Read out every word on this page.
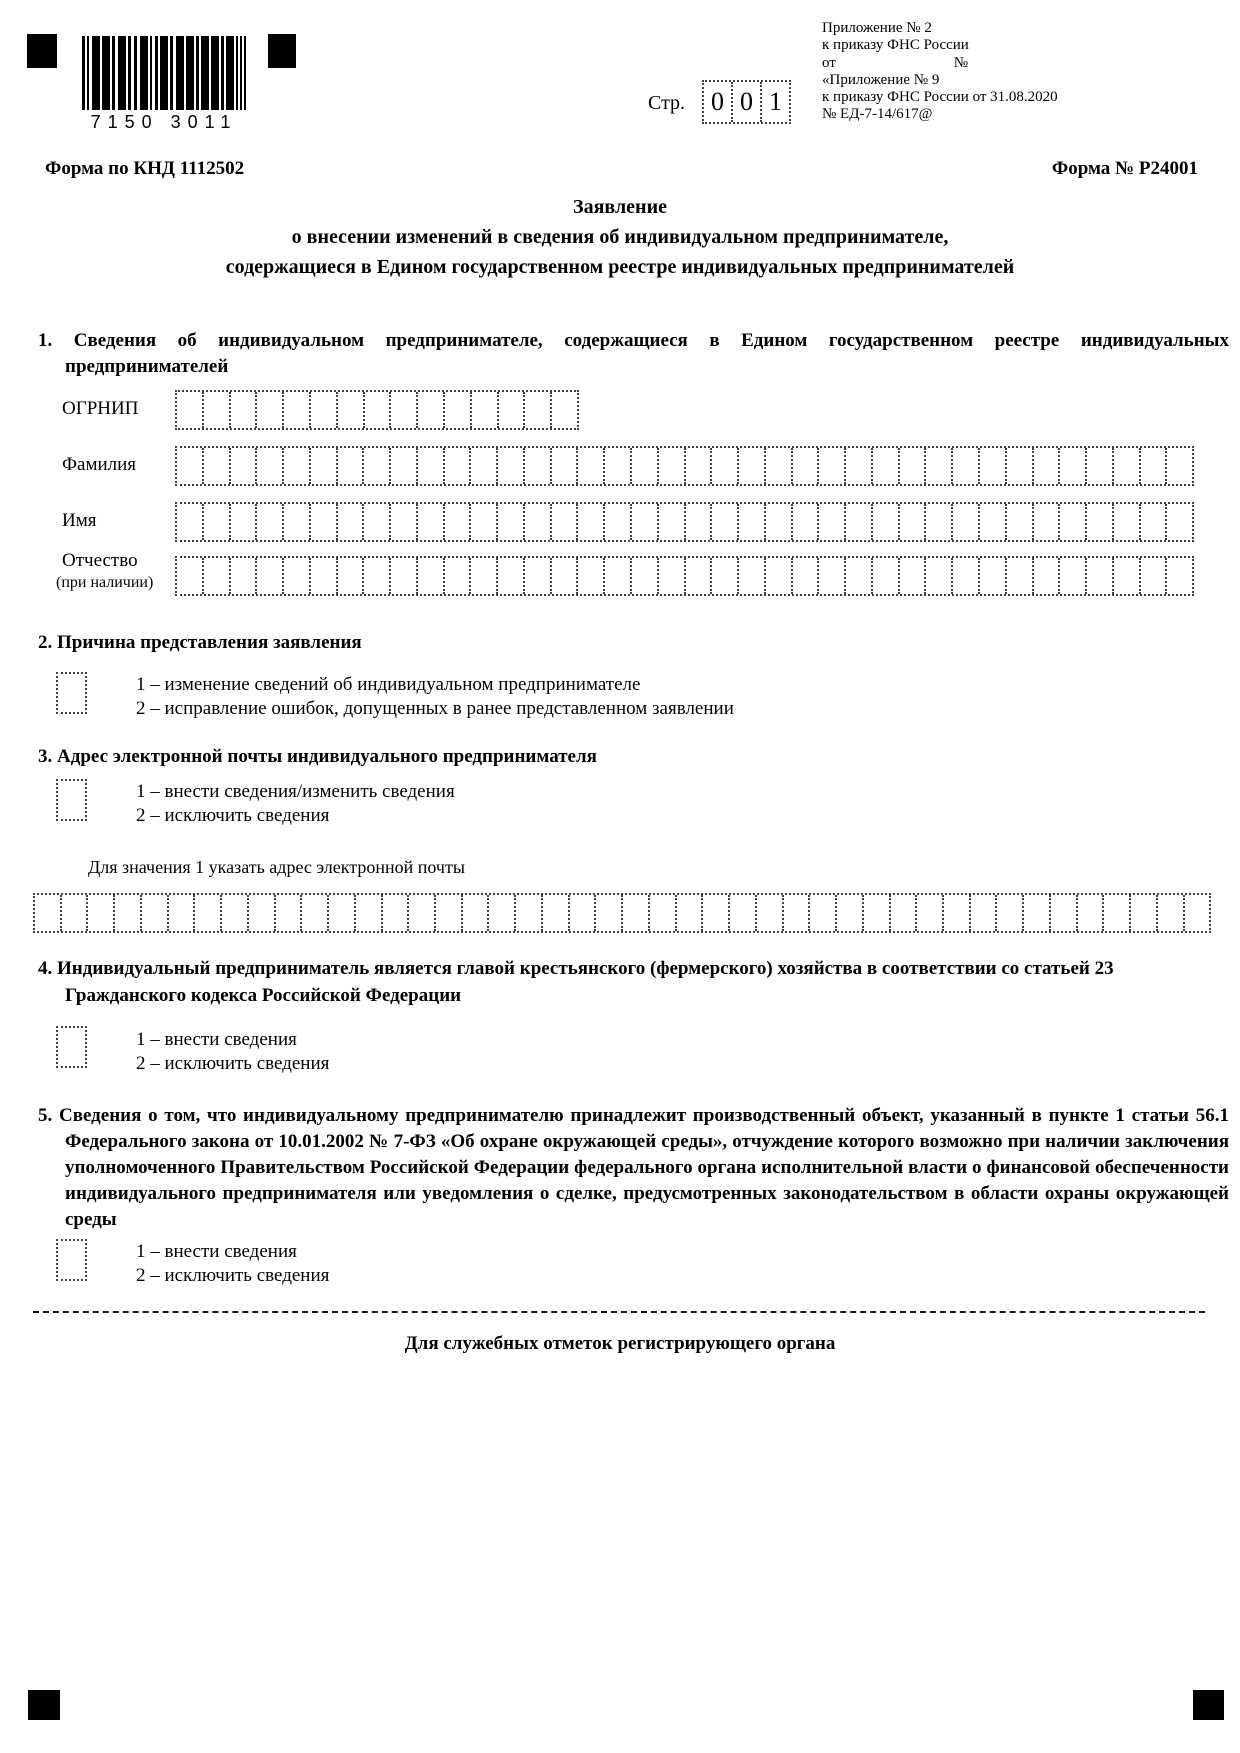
7150 3011
Стр. 0 0 1
Приложение № 2
к приказу ФНС России
от	№
«Приложение № 9
к приказу ФНС России от 31.08.2020
№ ЕД-7-14/617@
Форма по КНД 1112502	Форма № Р24001
Заявление
о внесении изменений в сведения об индивидуальном предпринимателе,
содержащиеся в Едином государственном реестре индивидуальных предпринимателей
1. Сведения об индивидуальном предпринимателе, содержащиеся в Едином государственном реестре индивидуальных предпринимателей
ОГРНИП
Фамилия
Имя
Отчество
(при наличии)
2. Причина представления заявления
1 – изменение сведений об индивидуальном предпринимателе
2 – исправление ошибок, допущенных в ранее представленном заявлении
3. Адрес электронной почты индивидуального предпринимателя
1 – внести сведения/изменить сведения
2 – исключить сведения
Для значения 1 указать адрес электронной почты
4. Индивидуальный предприниматель является главой крестьянского (фермерского) хозяйства в соответствии со статьей 23 Гражданского кодекса Российской Федерации
1 – внести сведения
2 – исключить сведения
5. Сведения о том, что индивидуальному предпринимателю принадлежит производственный объект, указанный в пункте 1 статьи 56.1 Федерального закона от 10.01.2002 № 7-ФЗ «Об охране окружающей среды», отчуждение которого возможно при наличии заключения уполномоченного Правительством Российской Федерации федерального органа исполнительной власти о финансовой обеспеченности индивидуального предпринимателя или уведомления о сделке, предусмотренных законодательством в области охраны окружающей среды
1 – внести сведения
2 – исключить сведения
Для служебных отметок регистрирующего органа
